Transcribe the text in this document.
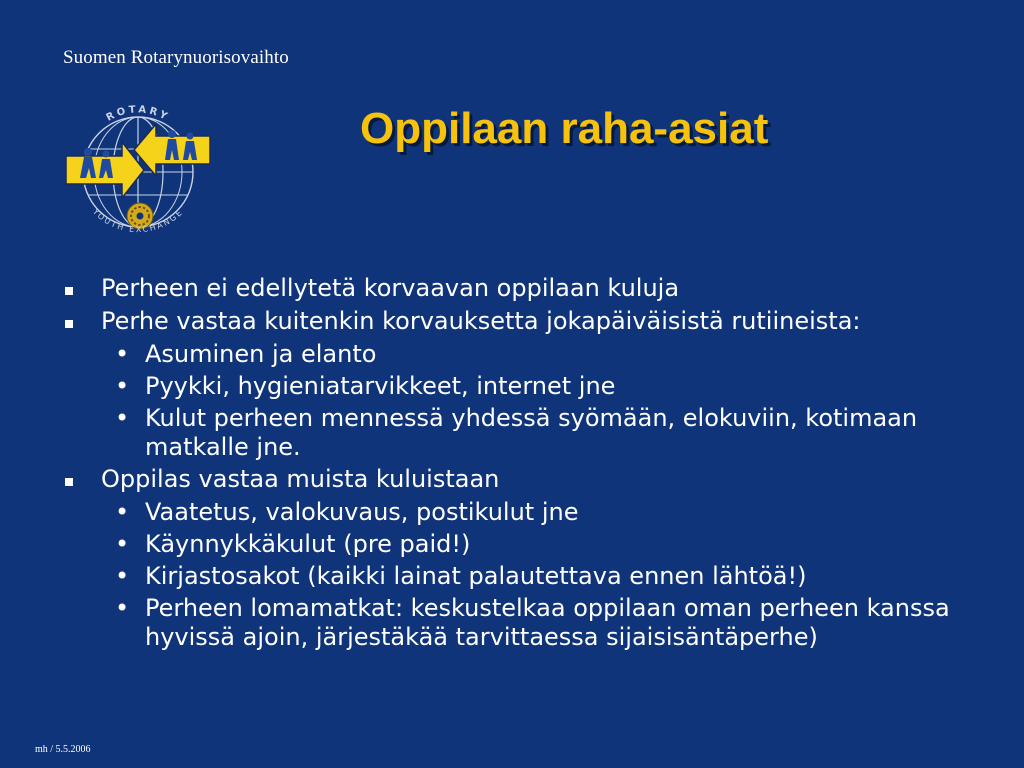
Suomen Rotarynuorisovaihto
ROTARY
YOUTH EXCHANGE
Oppilaan raha-asiat
Perheen ei edellytetä korvaavan oppilaan kuluja
Perhe vastaa kuitenkin korvauksetta jokapäiväisistä rutiineista:
• Asuminen ja elanto
• Pyykki, hygieniatarvikkeet, internet jne
• Kulut perheen mennessä yhdessä syömään, elokuviin, kotimaan matkalle jne.
Oppilas vastaa muista kuluistaan
• Vaatetus, valokuvaus, postikulut jne
• Käynnykkäkulut (pre paid!)
• Kirjastosakot (kaikki lainat palautettava ennen lähtöä!)
• Perheen lomamatkat: keskustelkaa oppilaan oman perheen kanssa hyvissä ajoin, järjestäkää tarvittaessa sijaisisäntäperhe)
mh / 5.5.2006
